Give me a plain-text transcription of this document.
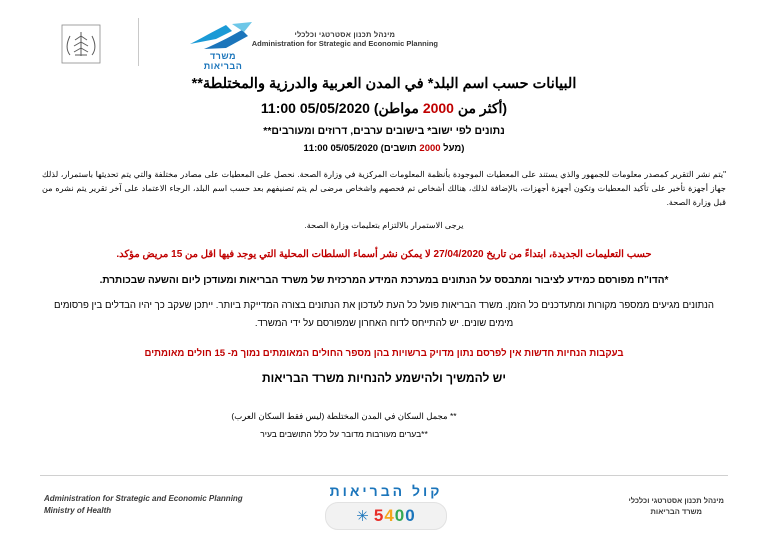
מינהל תכנון אסטרטגי וכלכלי
Administration for Strategic and Economic Planning
משרד
הבריאות
البيانات حسب اسم البلد* في المدن العربية والدرزية والمختلطة**
(أكثر من 2000 مواطن) 05/05/2020 11:00
נתונים לפי ישוב* בישובים ערבים, דרוזים ומעורבים**
(מעל 2000 תושבים) 05/05/2020 11:00
"يتم نشر التقرير كمصدر معلومات للجمهور والذي يستند على المعطيات الموجودة بأنظمة المعلومات المركزية في وزارة الصحة. نحصل على المعطيات على مصادر مختلفة والتي يتم تحديثها باستمرار، لذلك جهاز أجهزة تأخير على تأكيد المعطيات وتكون أجهزة أجهزات، بالإضافة لذلك، هنالك أشخاص تم فحصهم واشخاص مرضى لم يتم تصنيفهم بعد حسب اسم البلد، الرجاء الاعتماد على آخر تقرير يتم نشره من قبل وزارة الصحة.
يرجى الاستمرار بالالتزام بتعليمات وزارة الصحة.
حسب التعليمات الجديدة، ابتداءً من تاريخ 27/04/2020 لا يمكن نشر أسماء السلطات المحلية التي يوجد فيها اقل من 15 مريض مؤكد.
*הדו"ח מפורסם כמידע לציבור ומתבסס על הנתונים במערכת המידע המרכזית של משרד הבריאות ומעודכן ליום והשעה שבכותרת.
הנתונים מגיעים ממספר מקורות ומתעדכנים כל הזמן. משרד הבריאות פועל כל העת לעדכון את הנתונים בצורה המדייקת ביותר. ייתכן שעקב כך יהיו הבדלים בין פרסומים מימים שונים. יש להתייחס לדוח האחרון שמפורסם על ידי המשרד.
בעקבות הנחיות חדשות אין לפרסם נתון מדויק ברשויות בהן מספר החולים המאומתים נמוך מ- 15 חולים מאומתים
יש להמשיך ולהישמע להנחיות משרד הבריאות
** مجمل السكان في المدن المختلطة (ليس فقط السكان العرب)
**בערים מעורבות מדובר על כלל התושבים בעיר
Administration for Strategic and Economic Planning
Ministry of Health
קול הבריאות
✳ 5 4 0 0
מינהל תכנון אסטרטגי וכלכלי
משרד הבריאות
